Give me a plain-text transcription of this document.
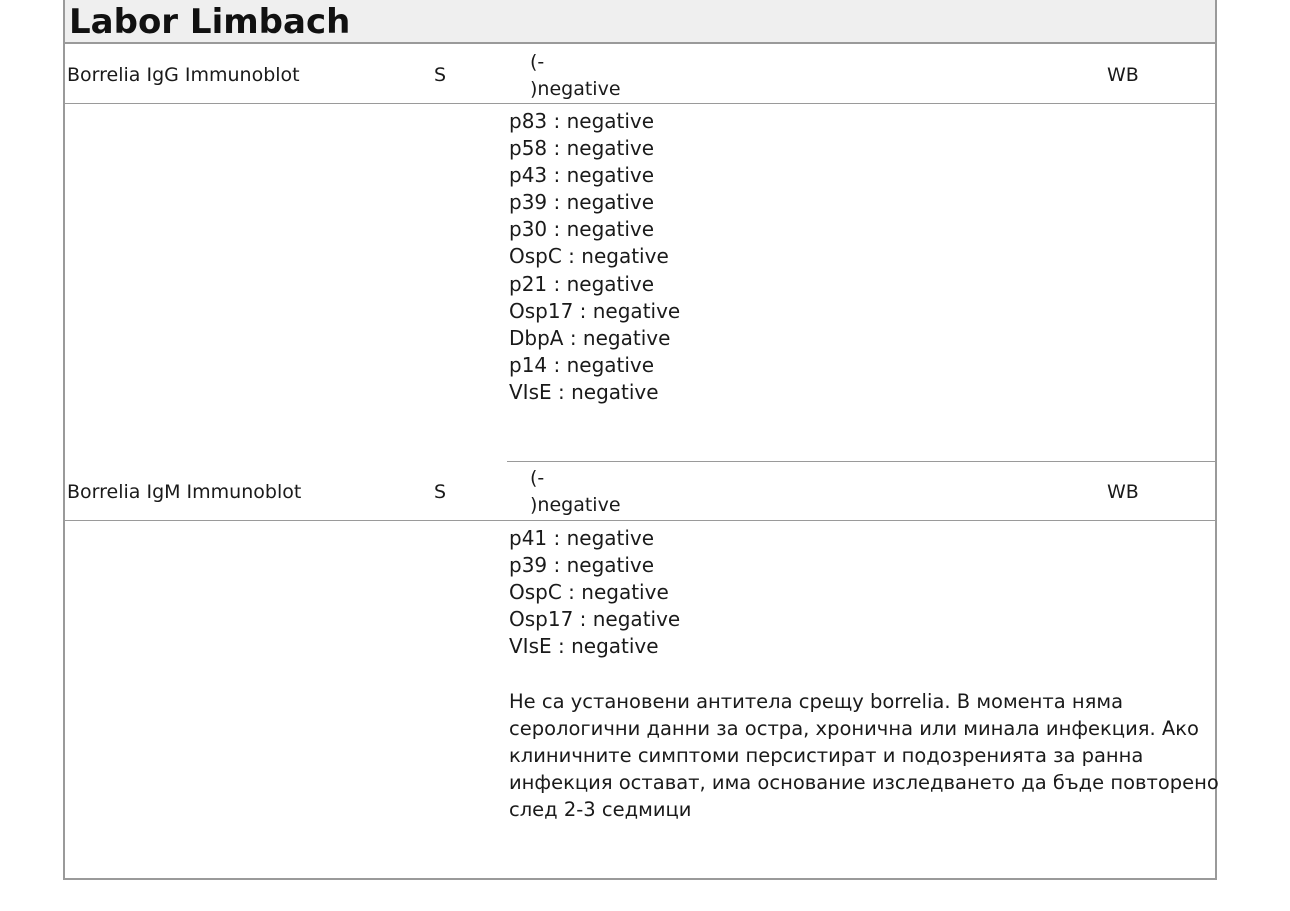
Labor Limbach
Borrelia IgG Immunoblot	S
(-
)negative
WB
p83 : negative
p58 : negative
p43 : negative
p39 : negative
p30 : negative
OspC : negative
p21 : negative
Osp17 : negative
DbpA : negative
p14 : negative
VIsE : negative
Borrelia IgM Immunoblot	S
(-
)negative
WB
p41 : negative
p39 : negative
OspC : negative
Osp17 : negative
VIsE : negative
Не са установени антитела срещу borrelia. В момента няма серологични данни за остра, хронична или минала инфекция. Ако клиничните симптоми персистират и подозренията за ранна инфекция остават, има основание изследването да бъде повторено след 2-3 седмици
